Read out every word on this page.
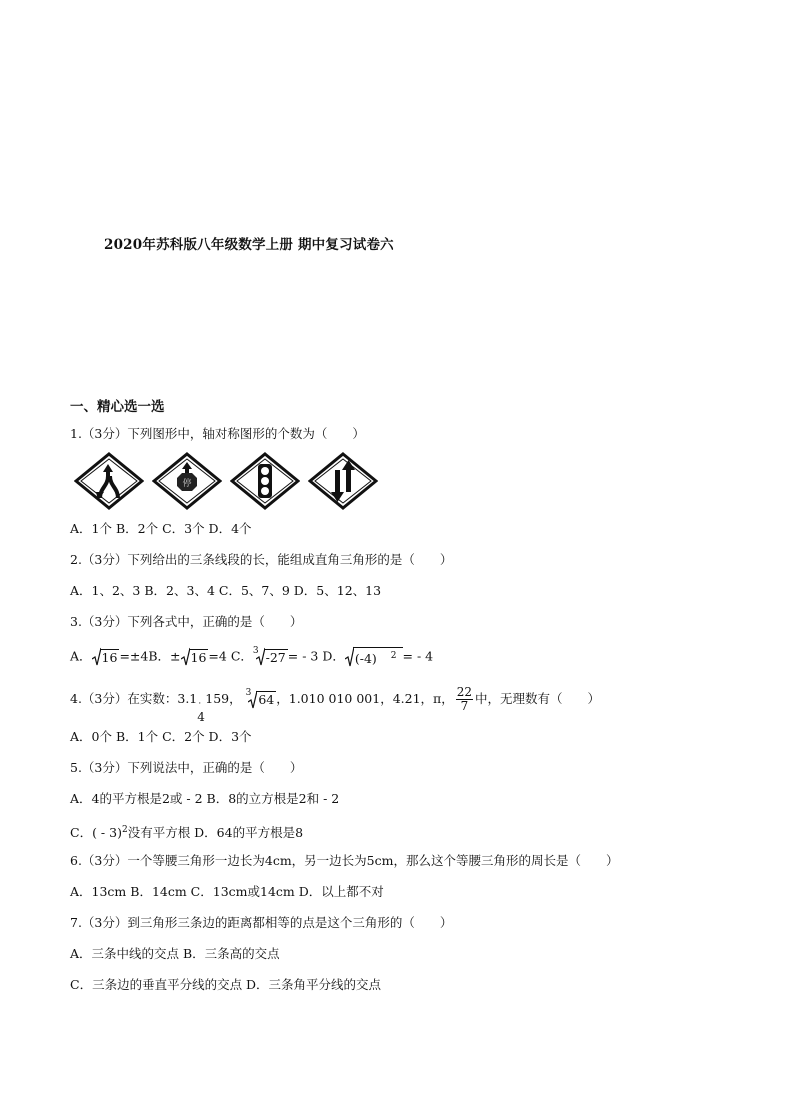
2020年苏科版八年级数学上册 期中复习试卷六
一、精心选一选
1.（3分）下列图形中，轴对称图形的个数为（　　）
停
A．1个 B．2个 C．3个 D．4个
2.（3分）下列给出的三条线段的长，能组成直角三角形的是（　　）
A．1、2、3 B．2、3、4 C．5、7、9 D．5、12、13
3.（3分）下列各式中，正确的是（　　）
A． 16 =±4B．± 16 =4 C．$^3$ -27 = - 3 D． (-4) $^2$ = - 4
4.（3分）在实数：3.1
˙
4
159， $^3$ 64 ，1.010 010 001，4.21，π， $\frac{22}{7}$ 中，无理数有（　　）
A．0个 B．1个 C．2个 D．3个
5.（3分）下列说法中，正确的是（　　）
A．4的平方根是2或 - 2 B．8的立方根是2和 - 2
C．( - 3)$^2$没有平方根 D．64的平方根是8
6.（3分）一个等腰三角形一边长为4cm，另一边长为5cm，那么这个等腰三角形的周长是（　　）
A．13cm B．14cm C．13cm或14cm D．以上都不对
7.（3分）到三角形三条边的距离都相等的点是这个三角形的（　　）
A．三条中线的交点 B．三条高的交点
C．三条边的垂直平分线的交点 D．三条角平分线的交点
